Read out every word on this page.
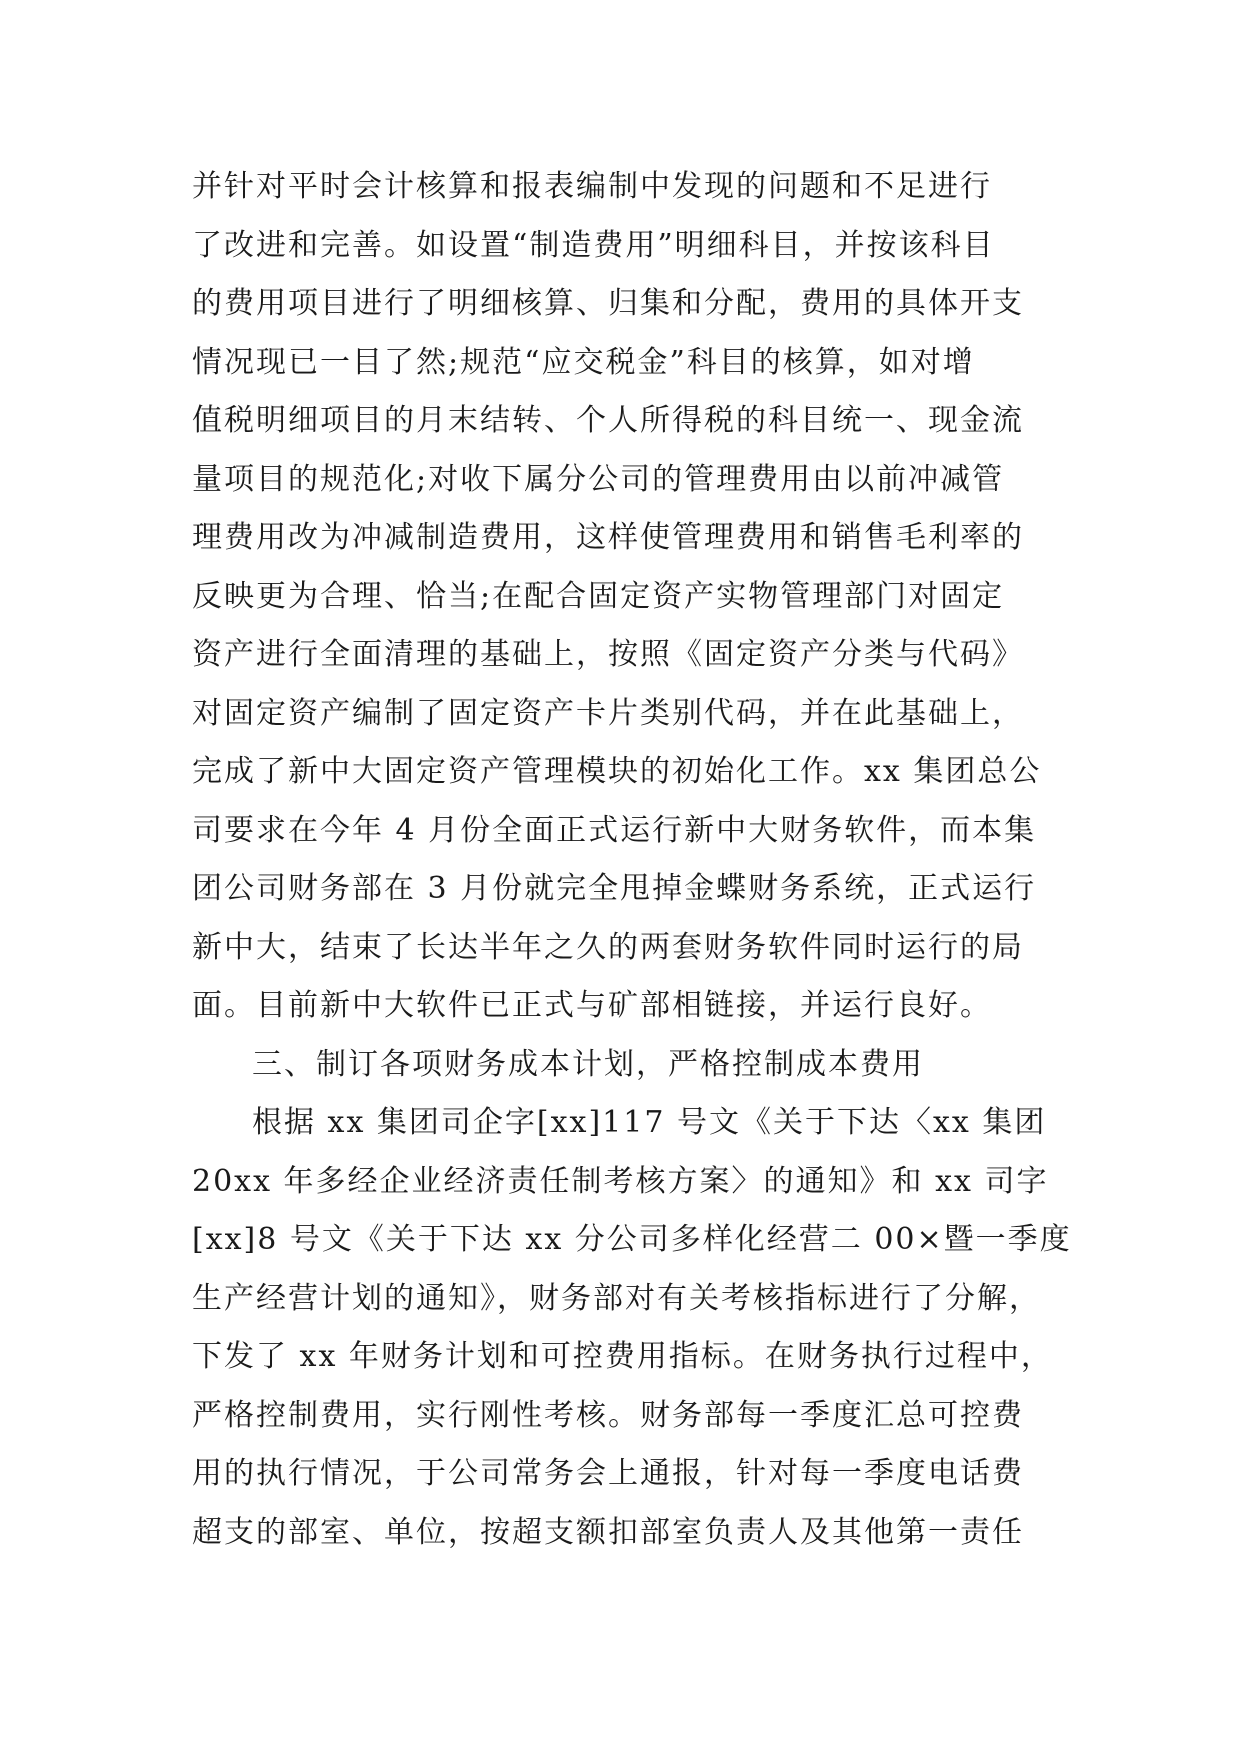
并针对平时会计核算和报表编制中发现的问题和不足进行
了改进和完善。如设置“制造费用”明细科目，并按该科目
的费用项目进行了明细核算、归集和分配，费用的具体开支
情况现已一目了然;规范“应交税金”科目的核算，如对增
值税明细项目的月末结转、个人所得税的科目统一、现金流
量项目的规范化;对收下属分公司的管理费用由以前冲减管
理费用改为冲减制造费用，这样使管理费用和销售毛利率的
反映更为合理、恰当;在配合固定资产实物管理部门对固定
资产进行全面清理的基础上，按照《固定资产分类与代码》
对固定资产编制了固定资产卡片类别代码，并在此基础上，
完成了新中大固定资产管理模块的初始化工作。xx 集团总公
司要求在今年 4 月份全面正式运行新中大财务软件，而本集
团公司财务部在 3 月份就完全甩掉金蝶财务系统，正式运行
新中大，结束了长达半年之久的两套财务软件同时运行的局
面。目前新中大软件已正式与矿部相链接，并运行良好。
三、制订各项财务成本计划，严格控制成本费用
根据 xx 集团司企字[xx]117 号文《关于下达〈xx 集团
20xx 年多经企业经济责任制考核方案〉的通知》和 xx 司字
[xx]8 号文《关于下达 xx 分公司多样化经营二 00×暨一季度
生产经营计划的通知》，财务部对有关考核指标进行了分解，
下发了 xx 年财务计划和可控费用指标。在财务执行过程中，
严格控制费用，实行刚性考核。财务部每一季度汇总可控费
用的执行情况，于公司常务会上通报，针对每一季度电话费
超支的部室、单位，按超支额扣部室负责人及其他第一责任
